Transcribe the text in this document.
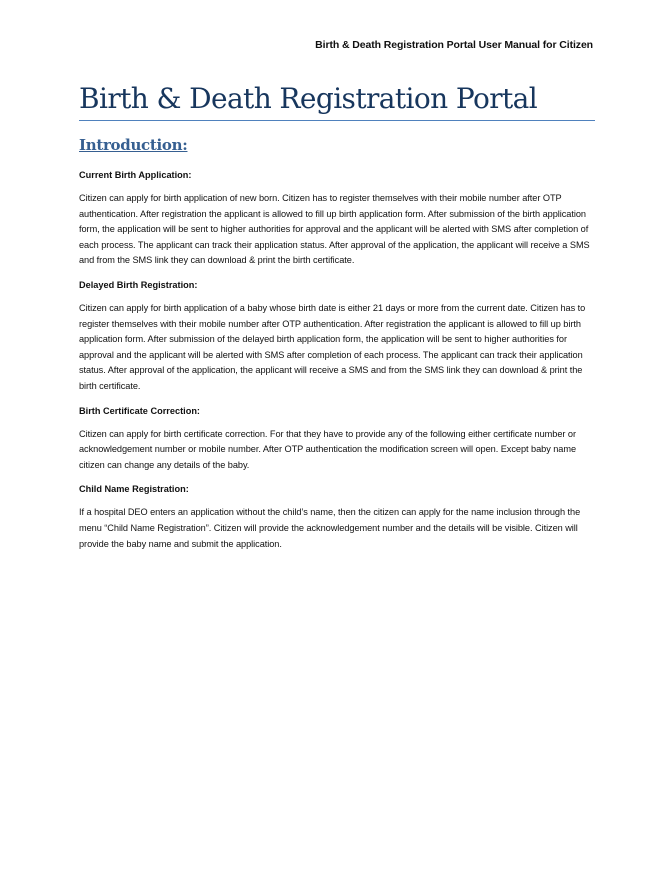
Birth & Death Registration Portal User Manual for Citizen
Birth & Death Registration Portal
Introduction:

Current Birth Application:

Citizen can apply for birth application of new born. Citizen has to register themselves with their mobile number after OTP authentication. After registration the applicant is allowed to fill up birth application form. After submission of the birth application form, the application will be sent to higher authorities for approval and the applicant will be alerted with SMS after completion of each process. The applicant can track their application status. After approval of the application, the applicant will receive a SMS and from the SMS link they can download & print the birth certificate.

Delayed Birth Registration:

Citizen can apply for birth application of a baby whose birth date is either 21 days or more from the current date. Citizen has to register themselves with their mobile number after OTP authentication. After registration the applicant is allowed to fill up birth application form. After submission of the delayed birth application form, the application will be sent to higher authorities for approval and the applicant will be alerted with SMS after completion of each process. The applicant can track their application status. After approval of the application, the applicant will receive a SMS and from the SMS link they can download & print the birth certificate.

Birth Certificate Correction:

Citizen can apply for birth certificate correction. For that they have to provide any of the following either certificate number or acknowledgement number or mobile number. After OTP authentication the modification screen will open. Except baby name citizen can change any details of the baby.

Child Name Registration:

If a hospital DEO enters an application without the child’s name, then the citizen can apply for the name inclusion through the menu “Child Name Registration”. Citizen will provide the acknowledgement number and the details will be visible. Citizen will provide the baby name and submit the application.
